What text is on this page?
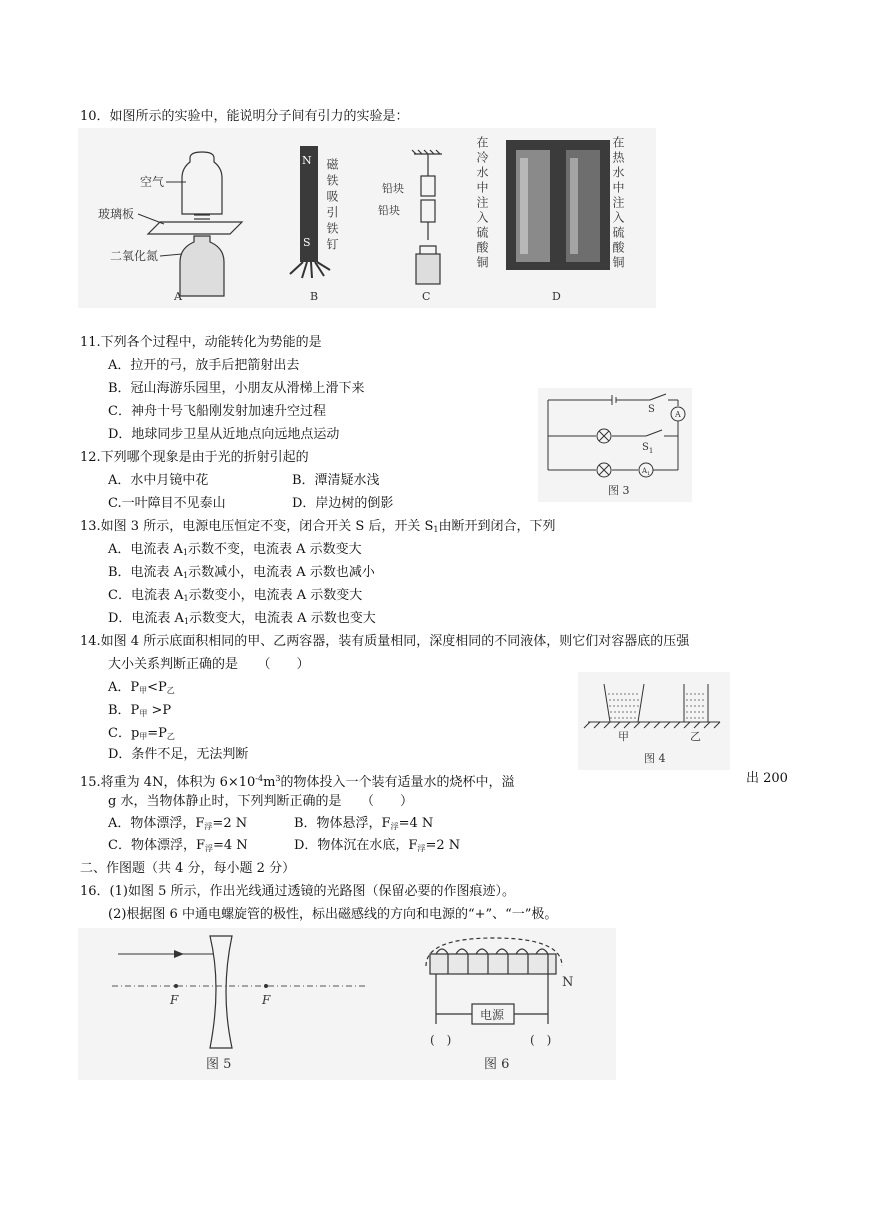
10．如图所示的实验中，能说明分子间有引力的实验是：
空气
玻璃板
二氧化氮
N
S 磁铁吸引铁钉	铅块
铅块	在冷水中注入硫酸铜	在热水中注入硫酸铜
A	B	C	D
11.下列各个过程中，动能转化为势能的是
A．拉开的弓，放手后把箭射出去
B．冠山海游乐园里，小朋友从滑梯上滑下来
C．神舟十号飞船刚发射加速升空过程
D．地球同步卫星从近地点向远地点运动
12.下列哪个现象是由于光的折射引起的
A．水中月镜中花	B．潭清疑水浅
C.一叶障目不见泰山	D．岸边树的倒影
S	A
$S_1$
$A_1$
图 3
13.如图 3 所示，电源电压恒定不变，闭合开关 S 后，开关 $S_1$由断开到闭合，下列
A．电流表 $A_1$示数不变，电流表 A 示数变大
B．电流表 $A_1$示数减小，电流表 A 示数也减小
C．电流表 $A_1$示数变小，电流表 A 示数变大
D．电流表 $A_1$示数变大，电流表 A 示数也变大
14.如图 4 所示底面积相同的甲、乙两容器，装有质量相同，深度相同的不同液体，则它们对容器底的压强
大小关系判断正确的是　　（　　）
A．$P_甲<P_乙$
B．$P_甲 >P$
C．$p_甲=P_乙$
D．条件不足，无法判断
甲	乙
图 4
15.将重为 4N，体积为 $6\times 10^{-4}m^3$的物体投入一个装有适量水的烧杯中，溢	出 200
g 水，当物体静止时，下列判断正确的是　　（　　）
A．物体漂浮，$F_浮=2$ N	B．物体悬浮，$F_浮=4$ N
C．物体漂浮，$F_浮=4$ N	D．物体沉在水底，$F_浮=2$ N
二、作图题（共 4 分，每小题 2 分）
16．(1)如图 5 所示，作出光线通过透镜的光路图（保留必要的作图痕迹）。
(2)根据图 6 中通电螺旋管的极性，标出磁感线的方向和电源的“+”、“一”极。
F	F
图 5
N
电源
(　)	(　)
图 6
